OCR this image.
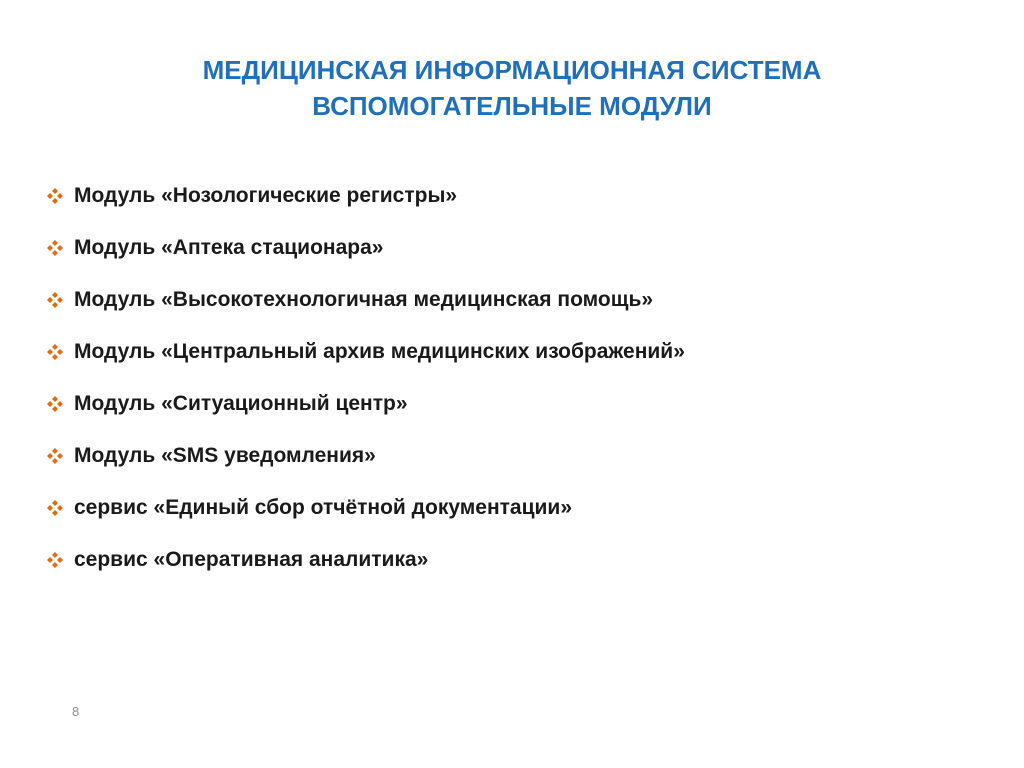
МЕДИЦИНСКАЯ ИНФОРМАЦИОННАЯ СИСТЕМА
ВСПОМОГАТЕЛЬНЫЕ МОДУЛИ
Модуль «Нозологические регистры»
Модуль «Аптека стационара»
Модуль «Высокотехнологичная медицинская помощь»
Модуль «Центральный архив медицинских изображений»
Модуль «Ситуационный центр»
Модуль «SMS уведомления»
сервис «Единый сбор отчётной документации»
сервис «Оперативная аналитика»
8
